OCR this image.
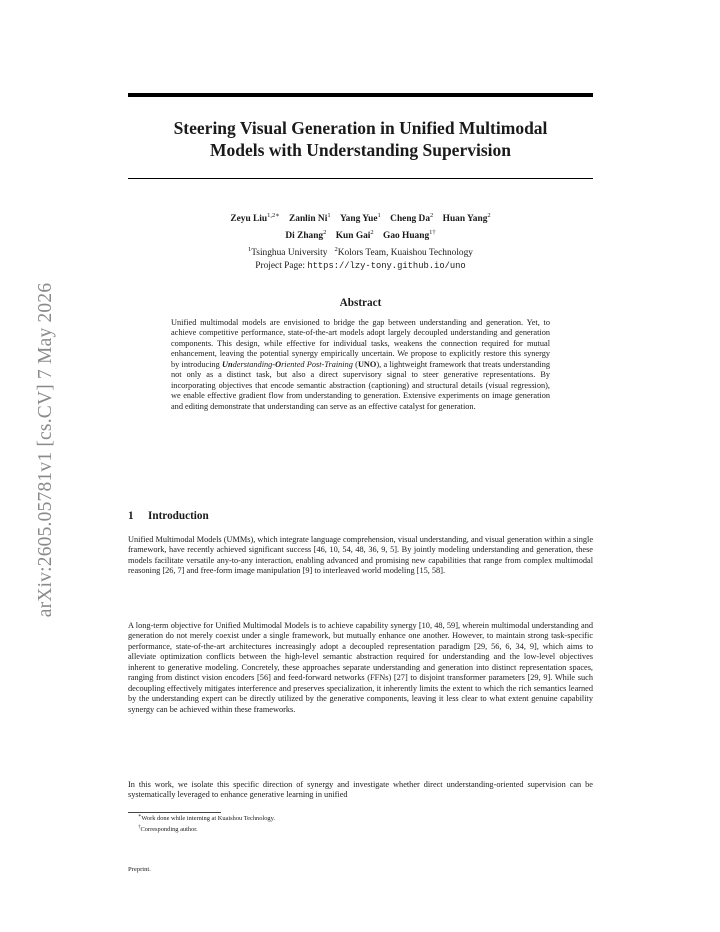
arXiv:2605.05781v1 [cs.CV] 7 May 2026
Steering Visual Generation in Unified Multimodal
Models with Understanding Supervision
Zeyu Liu$^{1,2∗}$ Zanlin Ni$^1$ Yang Yue$^1$ Cheng Da$^2$ Huan Yang$^2$
Di Zhang$^2$ Kun Gai$^2$ Gao Huang$^{1\dagger}$
$^1$Tsinghua University $^2$Kolors Team, Kuaishou Technology
Project Page: https://lzy-tony.github.io/uno
Abstract
Unified multimodal models are envisioned to bridge the gap between understanding and generation. Yet, to achieve competitive performance, state-of-the-art models adopt largely decoupled understanding and generation components. This design, while effective for individual tasks, weakens the connection required for mutual enhancement, leaving the potential synergy empirically uncertain. We propose to explicitly restore this synergy by introducing Understanding-Oriented Post-Training (UNO), a lightweight framework that treats understanding not only as a distinct task, but also a direct supervisory signal to steer generative representations. By incorporating objectives that encode semantic abstraction (captioning) and structural details (visual regression), we enable effective gradient flow from understanding to generation. Extensive experiments on image generation and editing demonstrate that understanding can serve as an effective catalyst for generation.
1 Introduction

Unified Multimodal Models (UMMs), which integrate language comprehension, visual understanding, and visual generation within a single framework, have recently achieved significant success [46, 10, 54, 48, 36, 9, 5]. By jointly modeling understanding and generation, these models facilitate versatile any-to-any interaction, enabling advanced and promising new capabilities that range from complex multimodal reasoning [26, 7] and free-form image manipulation [9] to interleaved world modeling [15, 58].

A long-term objective for Unified Multimodal Models is to achieve capability synergy [10, 48, 59], wherein multimodal understanding and generation do not merely coexist under a single framework, but mutually enhance one another. However, to maintain strong task-specific performance, state-of-the-art architectures increasingly adopt a decoupled representation paradigm [29, 56, 6, 34, 9], which aims to alleviate optimization conflicts between the high-level semantic abstraction required for understanding and the low-level objectives inherent to generative modeling. Concretely, these approaches separate understanding and generation into distinct representation spaces, ranging from distinct vision encoders [56] and feed-forward networks (FFNs) [27] to disjoint transformer parameters [29, 9]. While such decoupling effectively mitigates interference and preserves specialization, it inherently limits the extent to which the rich semantics learned by the understanding expert can be directly utilized by the generative components, leaving it less clear to what extent genuine capability synergy can be achieved within these frameworks.

In this work, we isolate this specific direction of synergy and investigate whether direct understanding-oriented supervision can be systematically leveraged to enhance generative learning in unified

∗Work done while interning at Kuaishou Technology.
†Corresponding author.
Preprint.
